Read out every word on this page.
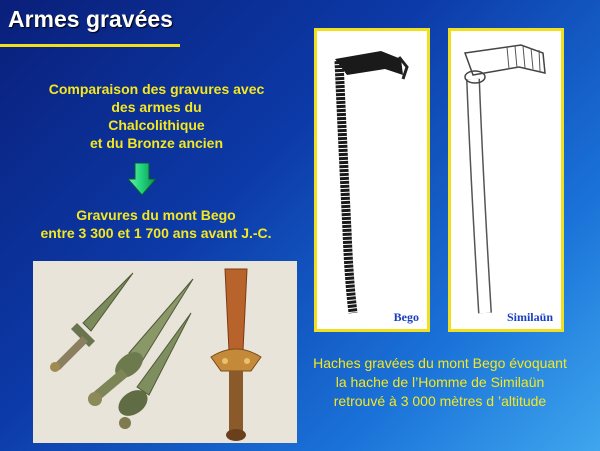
Armes gravées
Comparaison des gravures avec
des armes du
Chalcolithique
et du Bronze ancien
Gravures du mont Bego
entre 3 300 et 1 700 ans avant J.-C.
Bego	Similaün
Haches gravées du mont Bego évoquant
la hache de l’Homme de Similaün
retrouvé à 3 000 mètres d ’altitude
